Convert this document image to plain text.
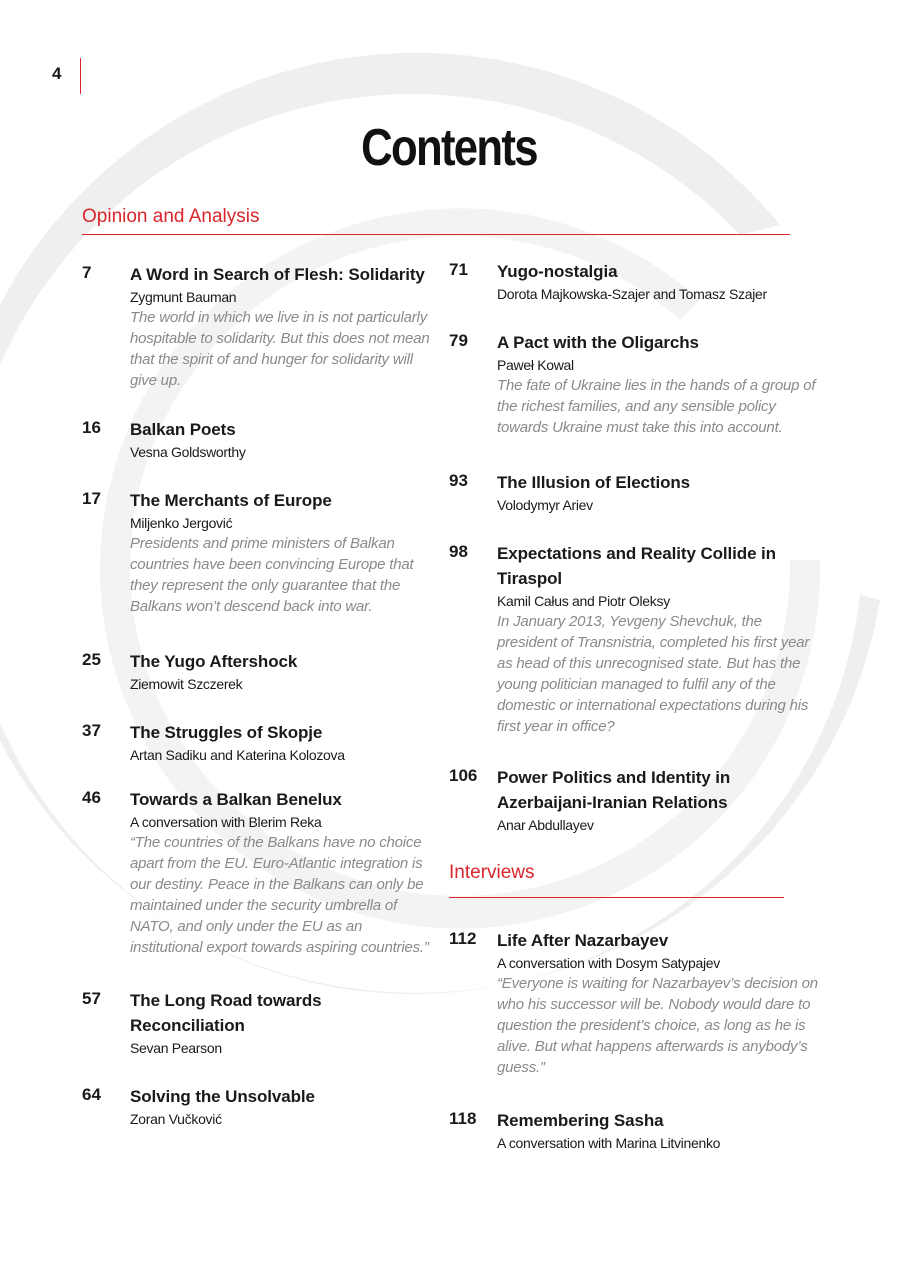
4
Contents
Opinion and Analysis
7 A Word in Search of Flesh: Solidarity
Zygmunt Bauman
The world in which we live in is not particularly hospitable to solidarity. But this does not mean that the spirit of and hunger for solidarity will give up.
16 Balkan Poets
Vesna Goldsworthy
17 The Merchants of Europe
Miljenko Jergović
Presidents and prime ministers of Balkan countries have been convincing Europe that they represent the only guarantee that the Balkans won’t descend back into war.
25 The Yugo Aftershock
Ziemowit Szczerek
37 The Struggles of Skopje
Artan Sadiku and Katerina Kolozova
46 Towards a Balkan Benelux
A conversation with Blerim Reka
“The countries of the Balkans have no choice apart from the EU. Euro-Atlantic integration is our destiny. Peace in the Balkans can only be maintained under the security umbrella of NATO, and only under the EU as an institutional export towards aspiring countries.”
57 The Long Road towards Reconciliation
Sevan Pearson
64 Solving the Unsolvable
Zoran Vučković
71 Yugo-nostalgia
Dorota Majkowska-Szajer and Tomasz Szajer
79 A Pact with the Oligarchs
Paweł Kowal
The fate of Ukraine lies in the hands of a group of the richest families, and any sensible policy towards Ukraine must take this into account.
93 The Illusion of Elections
Volodymyr Ariev
98 Expectations and Reality Collide in Tiraspol
Kamil Całus and Piotr Oleksy
In January 2013, Yevgeny Shevchuk, the president of Transnistria, completed his first year as head of this unrecognised state. But has the young politician managed to fulfil any of the domestic or international expectations during his first year in office?
106 Power Politics and Identity in Azerbaijani-Iranian Relations
Anar Abdullayev
Interviews
112 Life After Nazarbayev
A conversation with Dosym Satypajev
“Everyone is waiting for Nazarbayev’s decision on who his successor will be. Nobody would dare to question the president’s choice, as long as he is alive. But what happens afterwards is anybody’s guess.”
118 Remembering Sasha
A conversation with Marina Litvinenko
